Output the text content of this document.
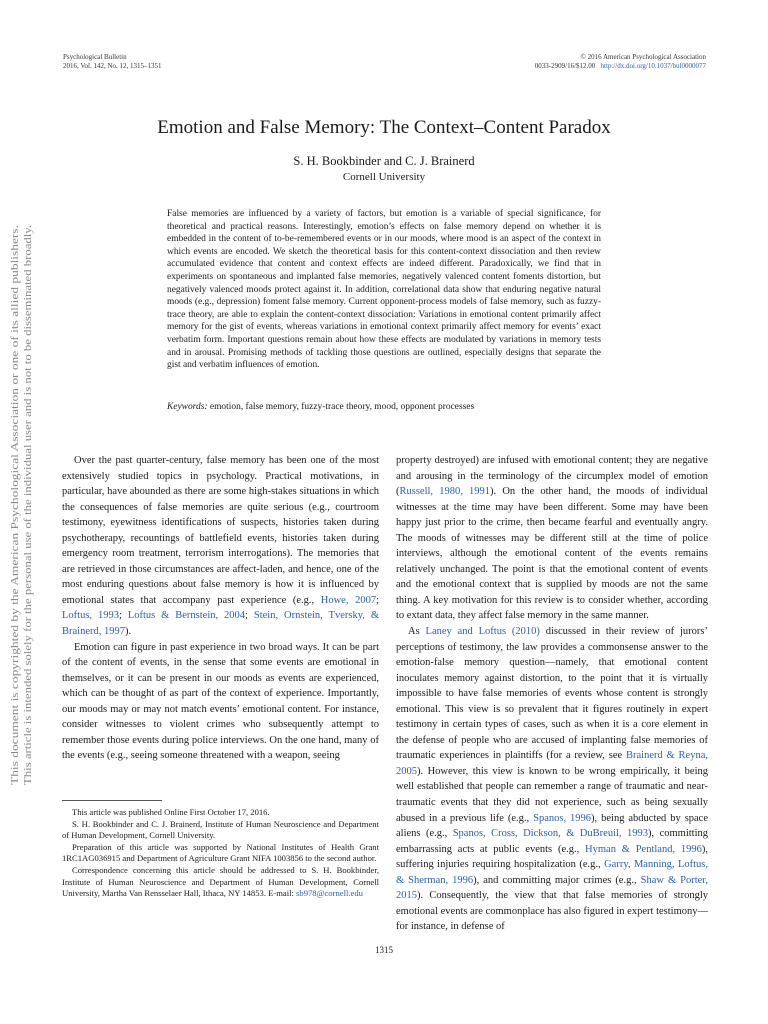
Psychological Bulletin
2016, Vol. 142, No. 12, 1315–1351
© 2016 American Psychological Association
0033-2909/16/$12.00 http://dx.doi.org/10.1037/bul0000077
Emotion and False Memory: The Context–Content Paradox
S. H. Bookbinder and C. J. Brainerd
Cornell University
False memories are influenced by a variety of factors, but emotion is a variable of special significance, for theoretical and practical reasons. Interestingly, emotion’s effects on false memory depend on whether it is embedded in the content of to-be-remembered events or in our moods, where mood is an aspect of the context in which events are encoded. We sketch the theoretical basis for this content-context dissociation and then review accumulated evidence that content and context effects are indeed different. Paradoxically, we find that in experiments on spontaneous and implanted false memories, negatively valenced content foments distortion, but negatively valenced moods protect against it. In addition, correlational data show that enduring negative natural moods (e.g., depression) foment false memory. Current opponent-process models of false memory, such as fuzzy-trace theory, are able to explain the content-context dissociation: Variations in emotional content primarily affect memory for the gist of events, whereas variations in emotional context primarily affect memory for events’ exact verbatim form. Important questions remain about how these effects are modulated by variations in memory tests and in arousal. Promising methods of tackling those questions are outlined, especially designs that separate the gist and verbatim influences of emotion.
Keywords: emotion, false memory, fuzzy-trace theory, mood, opponent processes
This document is copyrighted by the American Psychological Association or one of its allied publishers. This article is intended solely for the personal use of the individual user and is not to be disseminated broadly.	Over the past quarter-century, false memory has been one of the most extensively studied topics in psychology. Practical motivations, in particular, have abounded as there are some high-stakes situations in which the consequences of false memories are quite serious (e.g., courtroom testimony, eyewitness identifications of suspects, histories taken during psychotherapy, recountings of battlefield events, histories taken during emergency room treatment, terrorism interrogations). The memories that are retrieved in those circumstances are affect-laden, and hence, one of the most enduring questions about false memory is how it is influenced by emotional states that accompany past experience (e.g., Howe, 2007; Loftus, 1993; Loftus & Bernstein, 2004; Stein, Ornstein, Tversky, & Brainerd, 1997).

Emotion can figure in past experience in two broad ways. It can be part of the content of events, in the sense that some events are emotional in themselves, or it can be present in our moods as events are experienced, which can be thought of as part of the context of experience. Importantly, our moods may or may not match events’ emotional content. For instance, consider witnesses to violent crimes who subsequently attempt to remember those events during police interviews. On the one hand, many of the events (e.g., seeing someone threatened with a weapon, seeing

property destroyed) are infused with emotional content; they are negative and arousing in the terminology of the circumplex model of emotion (Russell, 1980, 1991). On the other hand, the moods of individual witnesses at the time may have been different. Some may have been happy just prior to the crime, then became fearful and eventually angry. The moods of witnesses may be different still at the time of police interviews, although the emotional content of the events remains relatively unchanged. The point is that the emotional content of events and the emotional context that is supplied by moods are not the same thing. A key motivation for this review is to consider whether, according to extant data, they affect false memory in the same manner.

As Laney and Loftus (2010) discussed in their review of jurors’ perceptions of testimony, the law provides a commonsense answer to the emotion-false memory question—namely, that emotional content inoculates memory against distortion, to the point that it is virtually impossible to have false memories of events whose content is strongly emotional. This view is so prevalent that it figures routinely in expert testimony in certain types of cases, such as when it is a core element in the defense of people who are accused of implanting false memories of traumatic experiences in plaintiffs (for a review, see Brainerd & Reyna, 2005). However, this view is known to be wrong empirically, it being well established that people can remember a range of traumatic and near-traumatic events that they did not experience, such as being sexually abused in a previous life (e.g., Spanos, 1996), being abducted by space aliens (e.g., Spanos, Cross, Dickson, & DuBreuil, 1993), committing embarrassing acts at public events (e.g., Hyman & Pentland, 1996), suffering injuries requiring hospitalization (e.g., Garry, Manning, Loftus, & Sherman, 1996), and committing major crimes (e.g., Shaw & Porter, 2015). Consequently, the view that that false memories of strongly emotional events are commonplace has also figured in expert testimony—for instance, in defense of

This article was published Online First October 17, 2016.

S. H. Bookbinder and C. J. Brainerd, Institute of Human Neuroscience and Department of Human Development, Cornell University.

Preparation of this article was supported by National Institutes of Health Grant 1RC1AG036915 and Department of Agriculture Grant NIFA 1003856 to the second author.

Correspondence concerning this article should be addressed to S. H. Bookbinder, Institute of Human Neuroscience and Department of Human Development, Cornell University, Martha Van Rensselaer Hall, Ithaca, NY 14853. E-mail: sb978@cornell.edu

1315
